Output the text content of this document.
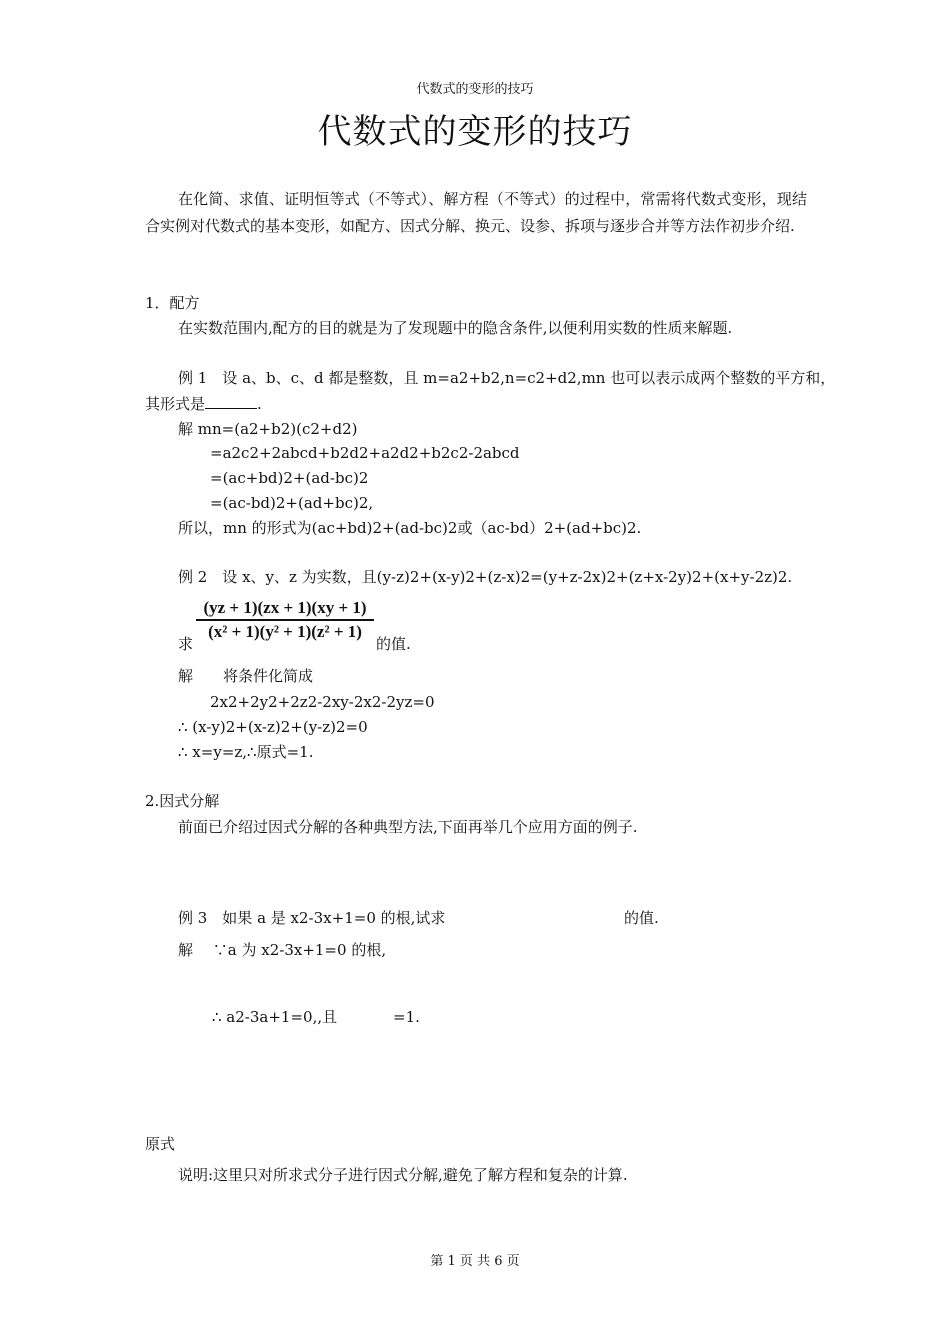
代数式的变形的技巧
代数式的变形的技巧
在化简、求值、证明恒等式（不等式）、解方程（不等式）的过程中，常需将代数式变形，现结合实例对代数式的基本变形，如配方、因式分解、换元、设参、拆项与逐步合并等方法作初步介绍.
1．配方
在实数范围内,配方的目的就是为了发现题中的隐含条件,以便利用实数的性质来解题.
例 1　设 a、b、c、d 都是整数，且 m=a2+b2,n=c2+d2,mn 也可以表示成两个整数的平方和，
其形式是	.
解 mn=(a2+b2)(c2+d2)
=a2c2+2abcd+b2d2+a2d2+b2c2-2abcd
=(ac+bd)2+(ad-bc)2
=(ac-bd)2+(ad+bc)2,
所以，mn 的形式为(ac+bd)2+(ad-bc)2或（ac-bd）2+(ad+bc)2.
例 2　设 x、y、z 为实数，且(y-z)2+(x-y)2+(z-x)2=(y+z-2x)2+(z+x-2y)2+(x+y-2z)2.
(yz + 1)(zx + 1)(xy + 1)
(x² + 1)(y² + 1)(z² + 1)
求	的值.
解　　将条件化简成
2x2+2y2+2z2-2xy-2x2-2yz=0
∴ (x-y)2+(x-z)2+(y-z)2=0
∴ x=y=z,∴原式=1.
2.因式分解
前面已介绍过因式分解的各种典型方法,下面再举几个应用方面的例子.
例 3　如果 a 是 x2-3x+1=0 的根,试求	的值.
解　 ∵a 为 x2-3x+1=0 的根,
∴ a2-3a+1=0,,且	=1.
原式
说明:这里只对所求式分子进行因式分解,避免了解方程和复杂的计算.
第 1 页 共 6 页
